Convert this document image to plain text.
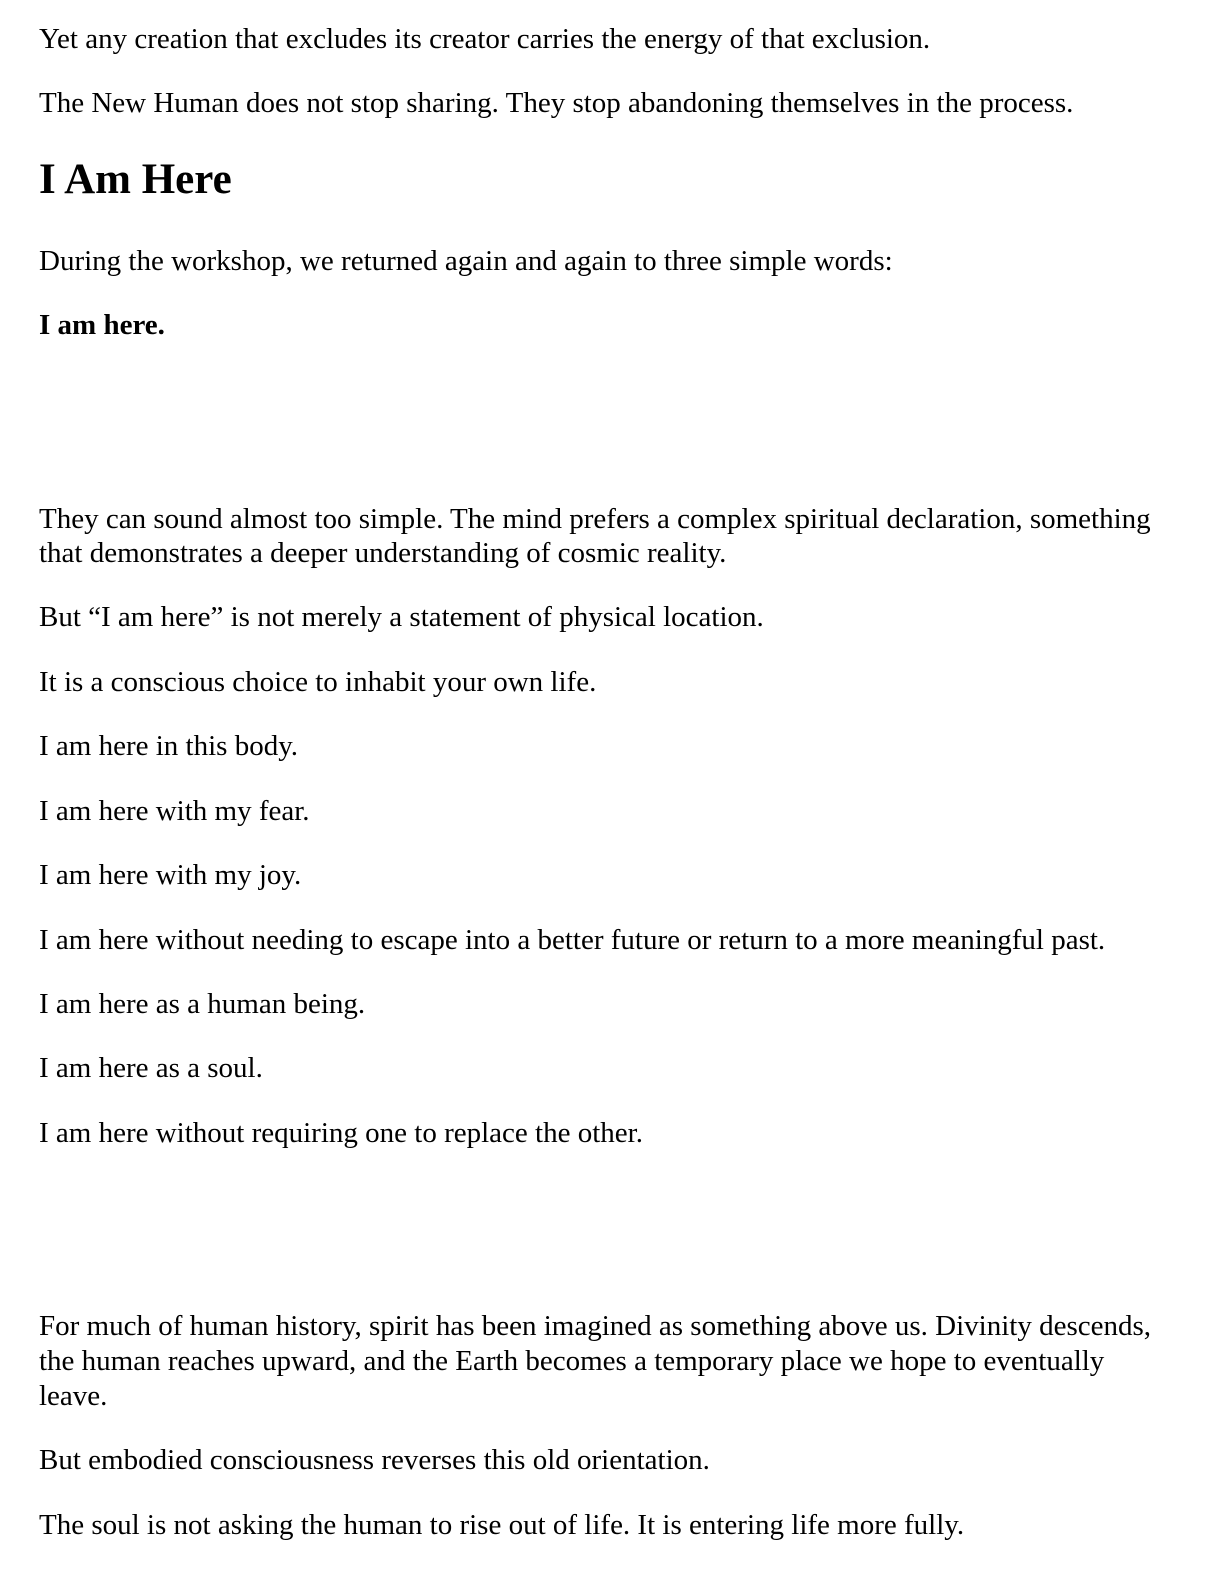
Yet any creation that excludes its creator carries the energy of that exclusion.

The New Human does not stop sharing. They stop abandoning themselves in the process.

I Am Here

During the workshop, we returned again and again to three simple words:

I am here.

They can sound almost too simple. The mind prefers a complex spiritual declaration, something

that demonstrates a deeper understanding of cosmic reality.

But “I am here” is not merely a statement of physical location.

It is a conscious choice to inhabit your own life.

I am here in this body.

I am here with my fear.

I am here with my joy.

I am here without needing to escape into a better future or return to a more meaningful past.

I am here as a human being.

I am here as a soul.

I am here without requiring one to replace the other.

For much of human history, spirit has been imagined as something above us. Divinity descends,

the human reaches upward, and the Earth becomes a temporary place we hope to eventually

leave.

But embodied consciousness reverses this old orientation.

The soul is not asking the human to rise out of life. It is entering life more fully.
